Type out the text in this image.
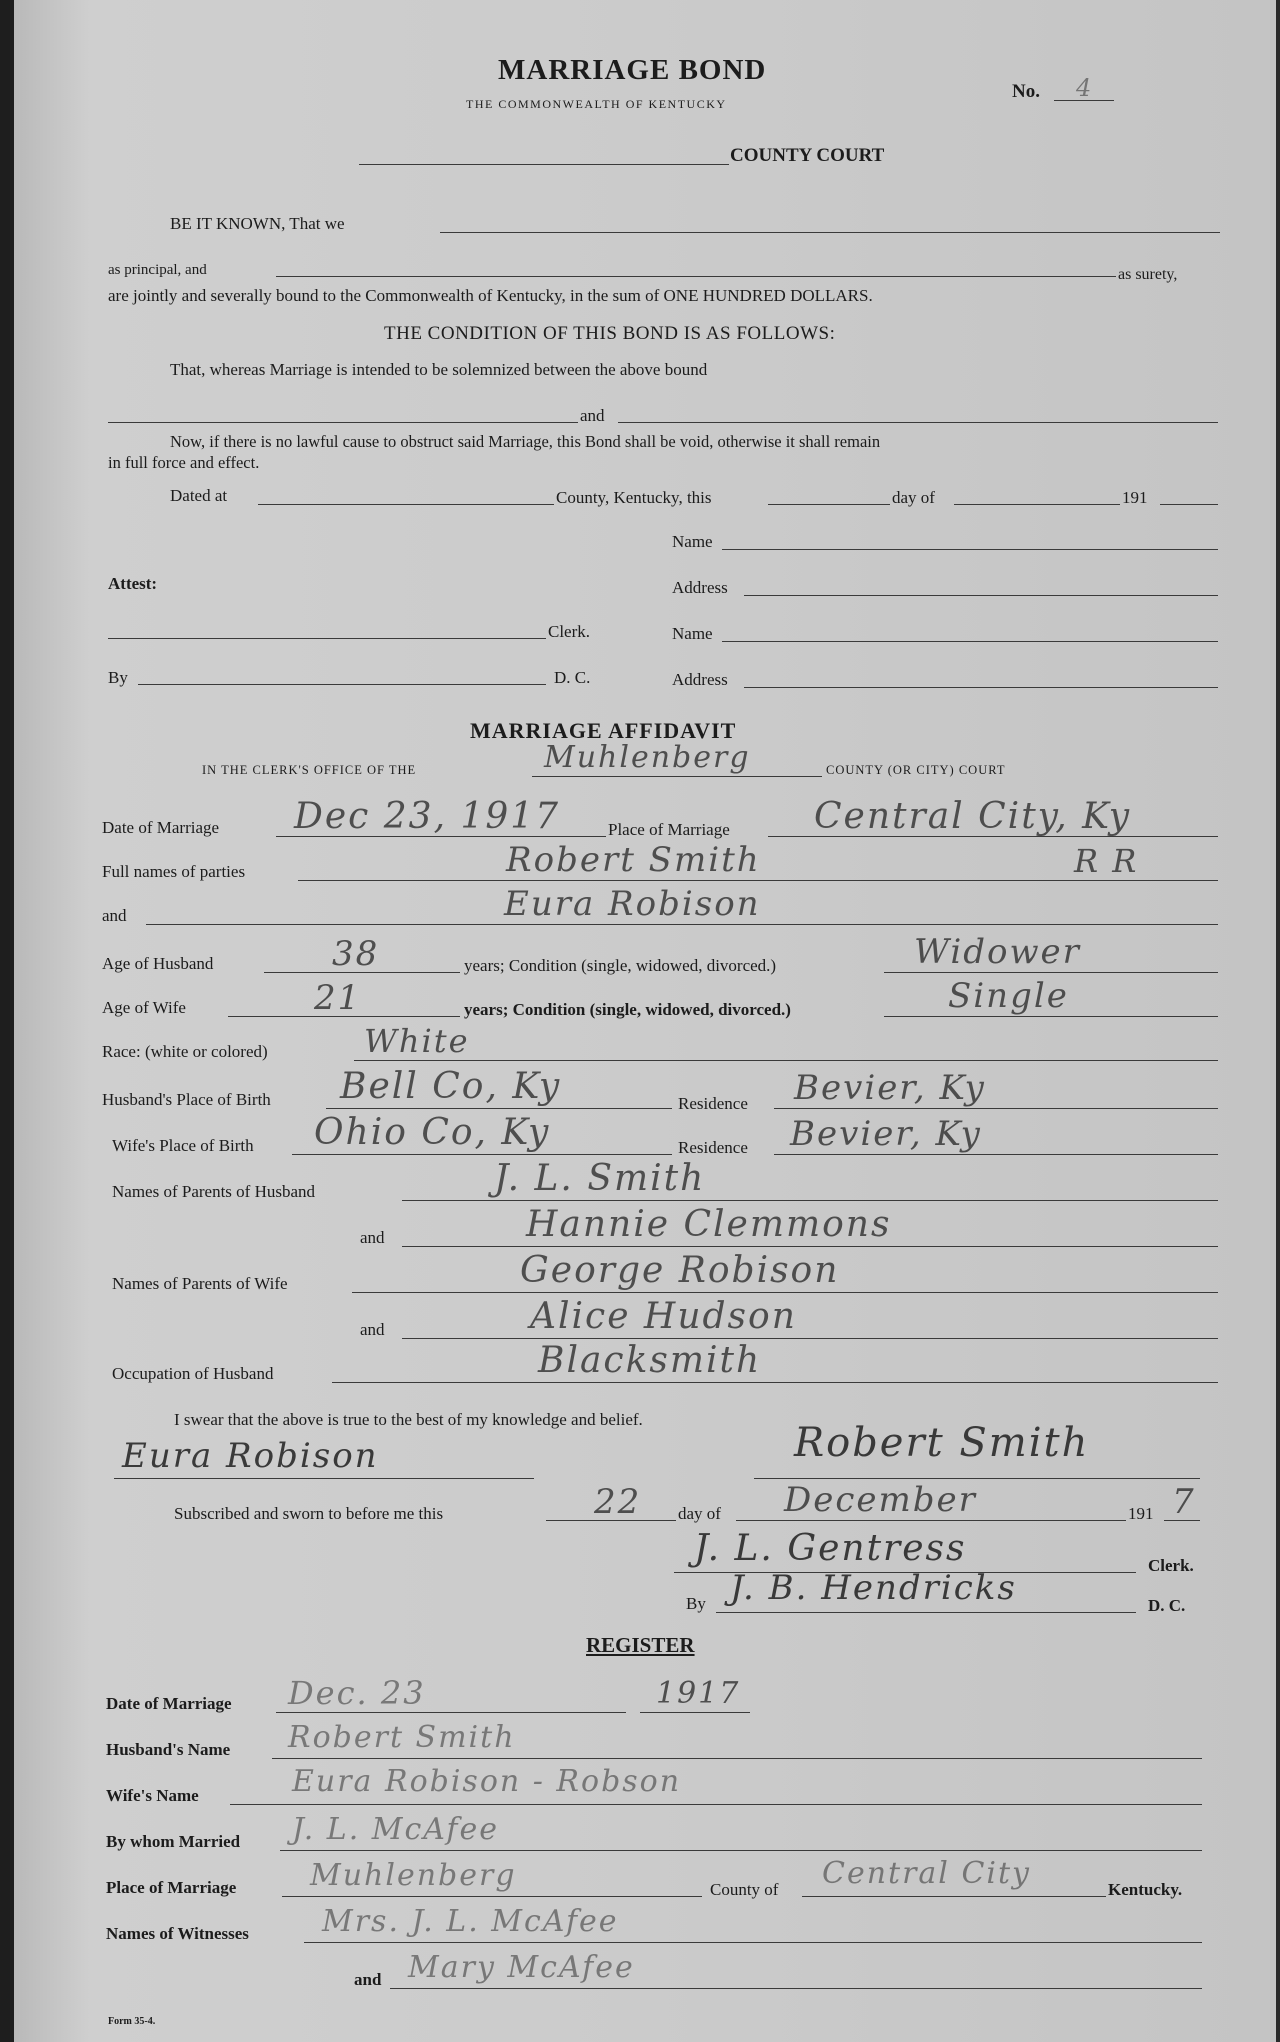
MARRIAGE BOND
THE COMMONWEALTH OF KENTUCKY
No. 4
COUNTY COURT
BE IT KNOWN, That we
as principal, and	as surety,
are jointly and severally bound to the Commonwealth of Kentucky, in the sum of ONE HUNDRED DOLLARS.
THE CONDITION OF THIS BOND IS AS FOLLOWS:
That, whereas Marriage is intended to be solemnized between the above bound
and
Now, if there is no lawful cause to obstruct said Marriage, this Bond shall be void, otherwise it shall remain
in full force and effect.
Dated at	County, Kentucky, this	day of	191
Name
Attest:	Address
Clerk.	Name
By	D. C.	Address
MARRIAGE AFFIDAVIT
IN THE CLERK'S OFFICE OF THE	Muhlenberg	COUNTY (OR CITY) COURT
Date of Marriage Dec 23, 1917	Place of Marriage Central City, Ky
Full names of parties	Robert Smith	R R
and	Eura Robison
Age of Husband	38	years; Condition (single, widowed, divorced.)	Widower
Age of Wife	21	years; Condition (single, widowed, divorced.)	Single
Race: (white or colored)	White
Husband's Place of Birth Bell Co, Ky	Residence Bevier, Ky
Wife's Place of Birth Ohio Co, Ky	Residence Bevier, Ky
Names of Parents of Husband	J. L. Smith
and	Hannie Clemmons
Names of Parents of Wife	George Robison
and	Alice Hudson
Occupation of Husband	Blacksmith
I swear that the above is true to the best of my knowledge and belief.
Eura Robison	Robert Smith
Subscribed and sworn to before me this	22 day of December	191 7
J. L. Gentress	Clerk.
By J. B. Hendricks	D. C.
REGISTER
Date of Marriage Dec. 23	1917
Husband's Name Robert Smith
Wife's Name	Eura Robison - Robson
By whom Married J. L. McAfee
Place of Marriage Muhlenberg	County of Central City	Kentucky.
Names of Witnesses Mrs. J. L. McAfee
and Mary McAfee
Form 35-4.
